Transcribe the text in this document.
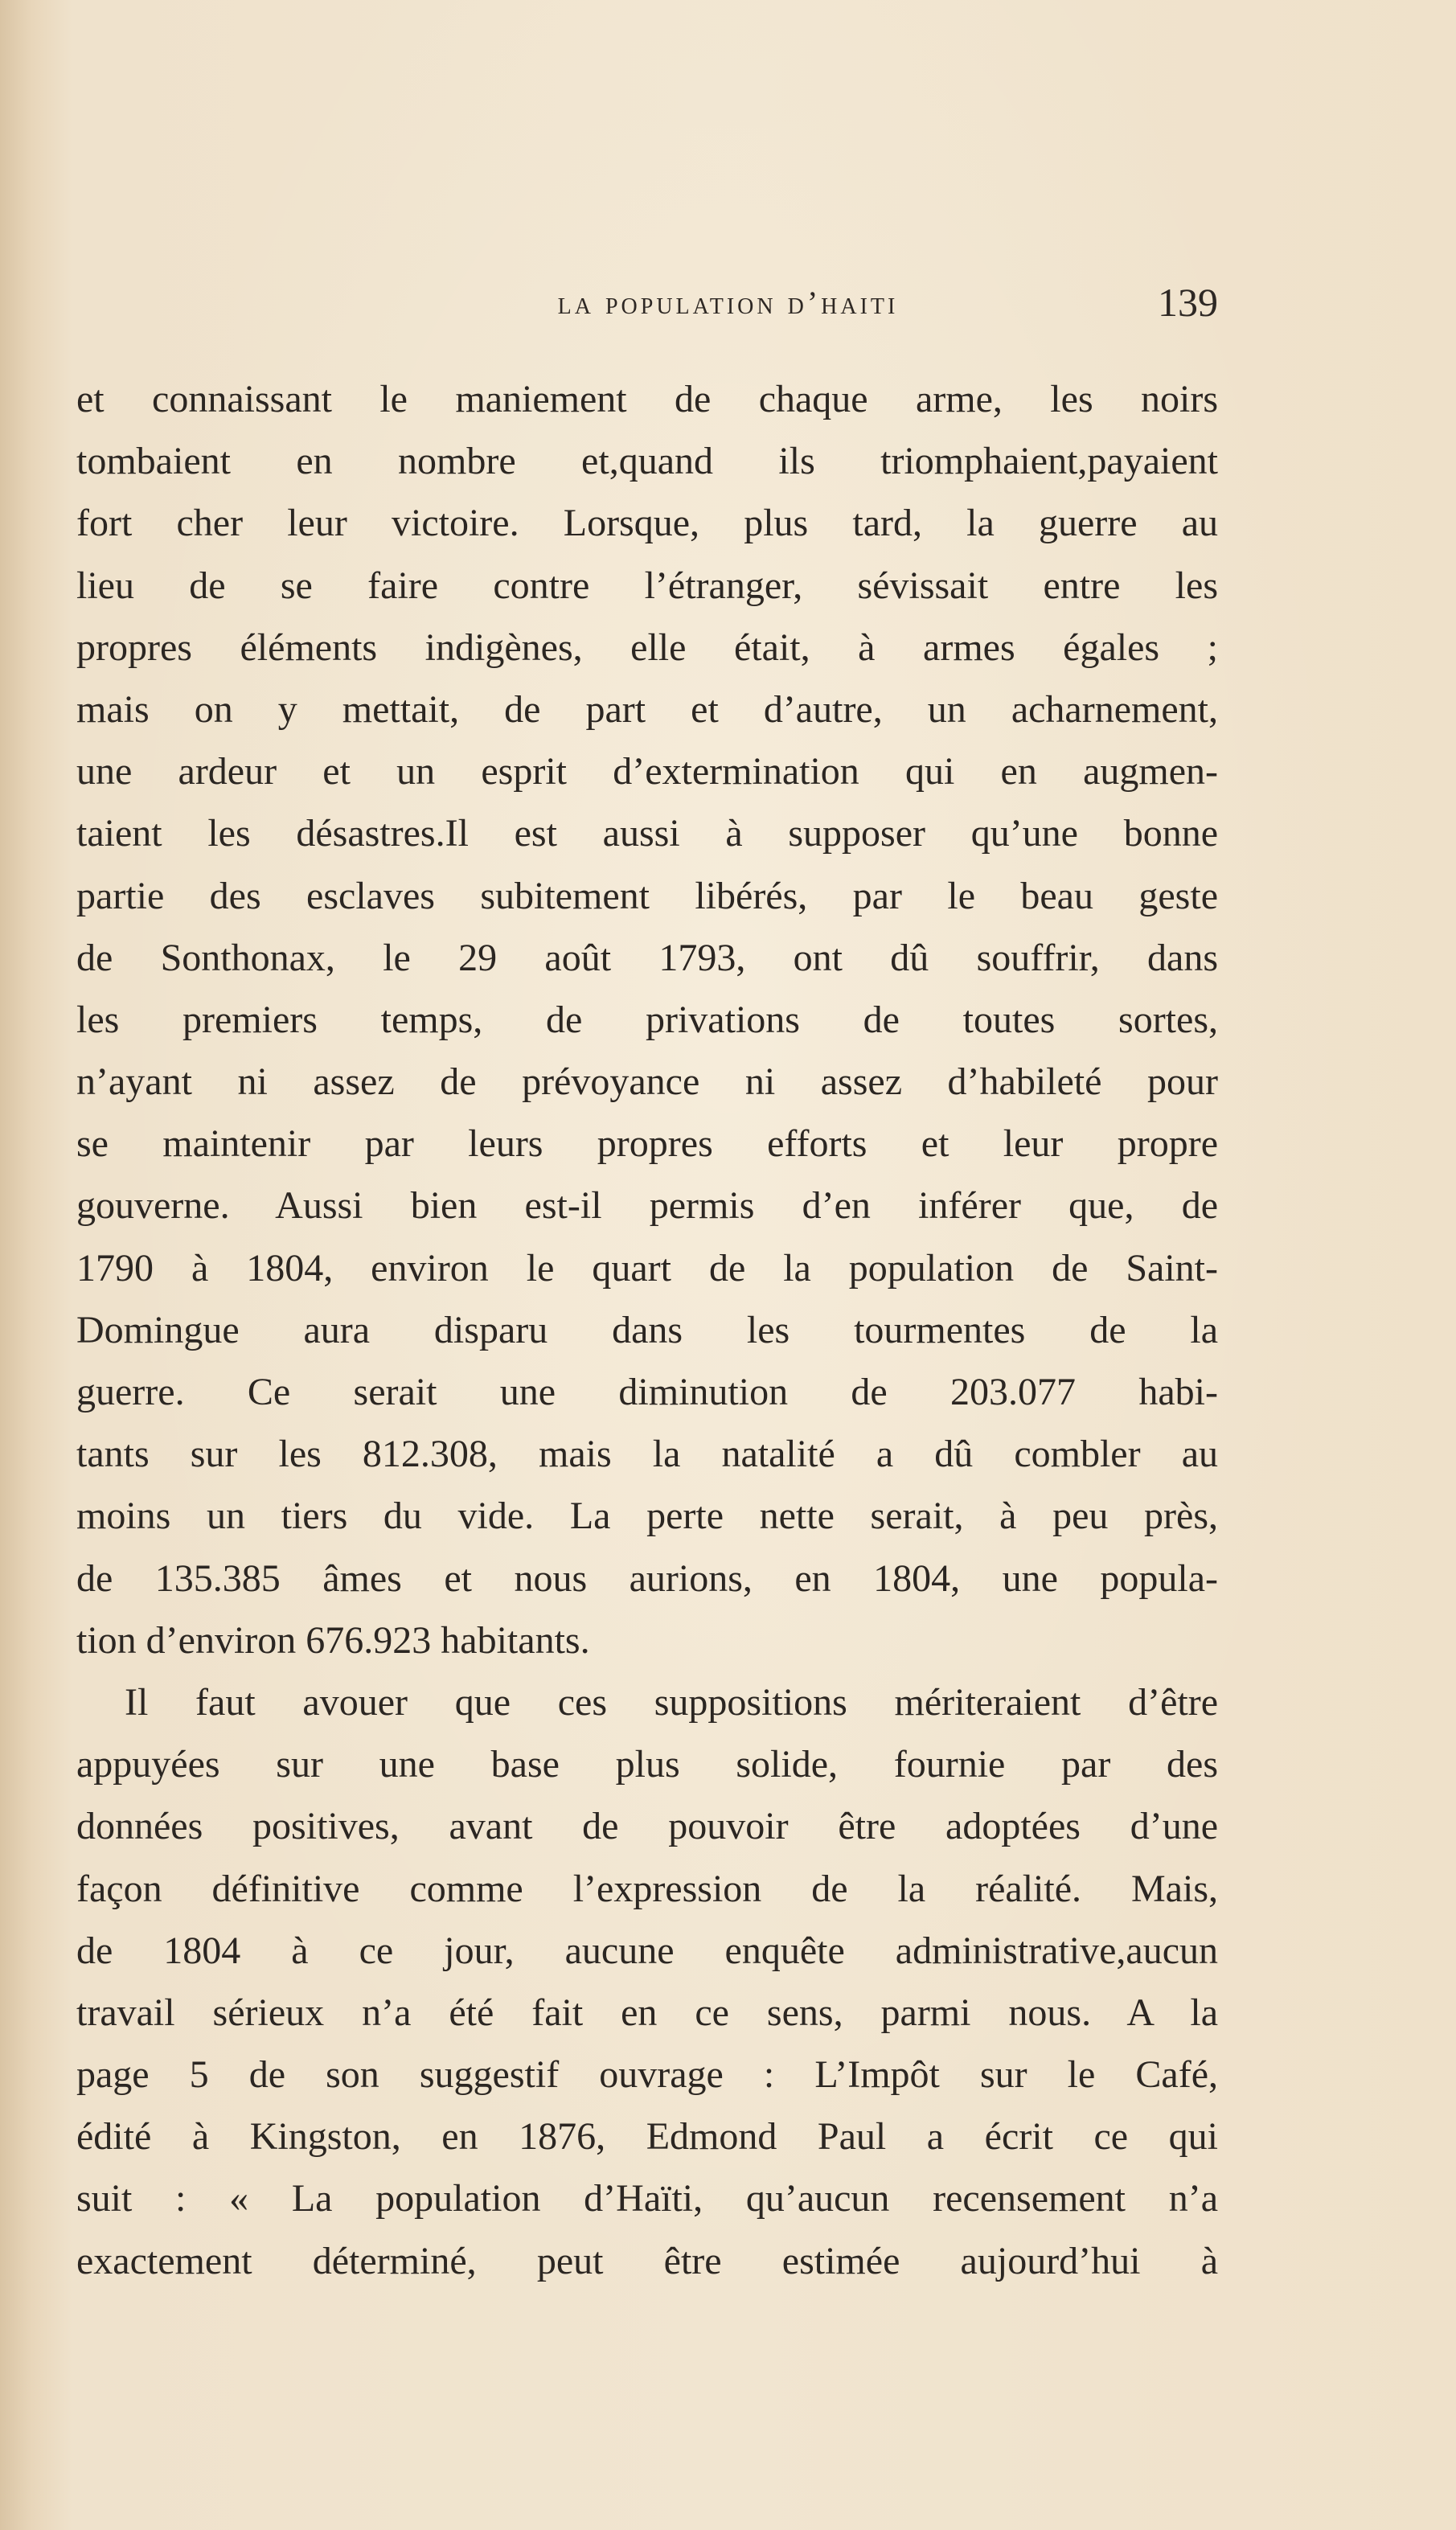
la population d’haiti	139
et connaissant le maniement de chaque arme, les noirs
tombaient en nombre et,quand ils triomphaient,payaient
fort cher leur victoire. Lorsque, plus tard, la guerre au
lieu de se faire contre l’étranger, sévissait entre les
propres éléments indigènes, elle était, à armes égales ;
mais on y mettait, de part et d’autre, un acharnement,
une ardeur et un esprit d’extermination qui en augmen-
taient les désastres.Il est aussi à supposer qu’une bonne
partie des esclaves subitement libérés, par le beau geste
de Sonthonax, le 29 août 1793, ont dû souffrir, dans
les premiers temps, de privations de toutes sortes,
n’ayant ni assez de prévoyance ni assez d’habileté pour
se maintenir par leurs propres efforts et leur propre
gouverne. Aussi bien est-il permis d’en inférer que, de
1790 à 1804, environ le quart de la population de Saint-
Domingue aura disparu dans les tourmentes de la
guerre. Ce serait une diminution de 203.077 habi-
tants sur les 812.308, mais la natalité a dû combler au
moins un tiers du vide. La perte nette serait, à peu près,
de 135.385 âmes et nous aurions, en 1804, une popula-
tion d’environ 676.923 habitants.
Il faut avouer que ces suppositions mériteraient d’être
appuyées sur une base plus solide, fournie par des
données positives, avant de pouvoir être adoptées d’une
façon définitive comme l’expression de la réalité. Mais,
de 1804 à ce jour, aucune enquête administrative,aucun
travail sérieux n’a été fait en ce sens, parmi nous. A la
page 5 de son suggestif ouvrage : L’Impôt sur le Café,
édité à Kingston, en 1876, Edmond Paul a écrit ce qui
suit : « La population d’Haïti, qu’aucun recensement n’a
exactement déterminé, peut être estimée aujourd’hui à
